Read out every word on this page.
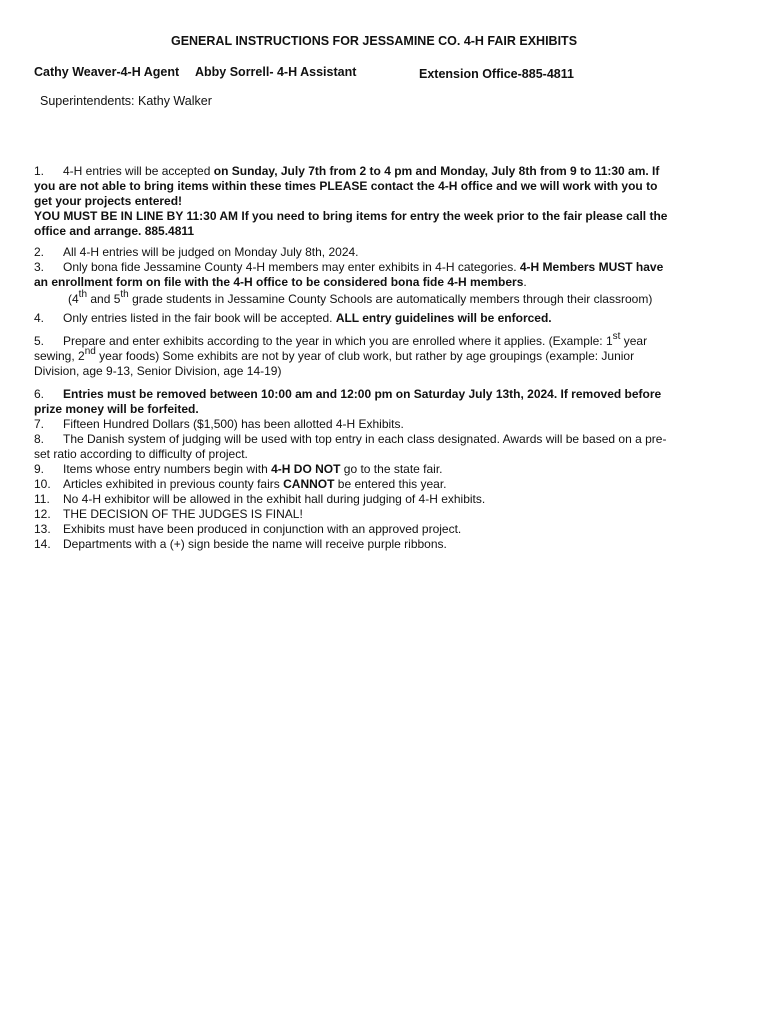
GENERAL INSTRUCTIONS FOR JESSAMINE CO. 4-H FAIR EXHIBITS
Cathy Weaver-4-H Agent Abby Sorrell- 4-H Assistant	Extension Office-885-4811
Superintendents: Kathy Walker

1. 4-H entries will be accepted on Sunday, July 7th from 2 to 4 pm and Monday, July 8th from 9 to 11:30 am. If you are not able to bring items within these times PLEASE contact the 4-H office and we will work with you to get your projects entered!

YOU MUST BE IN LINE BY 11:30 AM If you need to bring items for entry the week prior to the fair please call the office and arrange. 885.4811

2. All 4-H entries will be judged on Monday July 8th, 2024.

3. Only bona fide Jessamine County 4-H members may enter exhibits in 4-H categories. 4-H Members MUST have an enrollment form on file with the 4-H office to be considered bona fide 4-H members.

(4th and 5th grade students in Jessamine County Schools are automatically members through their classroom)

4. Only entries listed in the fair book will be accepted. ALL entry guidelines will be enforced.

5. Prepare and enter exhibits according to the year in which you are enrolled where it applies. (Example: 1st year sewing, 2nd year foods) Some exhibits are not by year of club work, but rather by age groupings (example: Junior Division, age 9-13, Senior Division, age 14-19)

6. Entries must be removed between 10:00 am and 12:00 pm on Saturday July 13th, 2024. If removed before prize money will be forfeited.

7. Fifteen Hundred Dollars ($1,500) has been allotted 4-H Exhibits.

8. The Danish system of judging will be used with top entry in each class designated. Awards will be based on a pre-set ratio according to difficulty of project.

9. Items whose entry numbers begin with 4-H DO NOT go to the state fair.

10. Articles exhibited in previous county fairs CANNOT be entered this year.

11. No 4-H exhibitor will be allowed in the exhibit hall during judging of 4-H exhibits.

12. THE DECISION OF THE JUDGES IS FINAL!

13. Exhibits must have been produced in conjunction with an approved project.

14. Departments with a (+) sign beside the name will receive purple ribbons.
